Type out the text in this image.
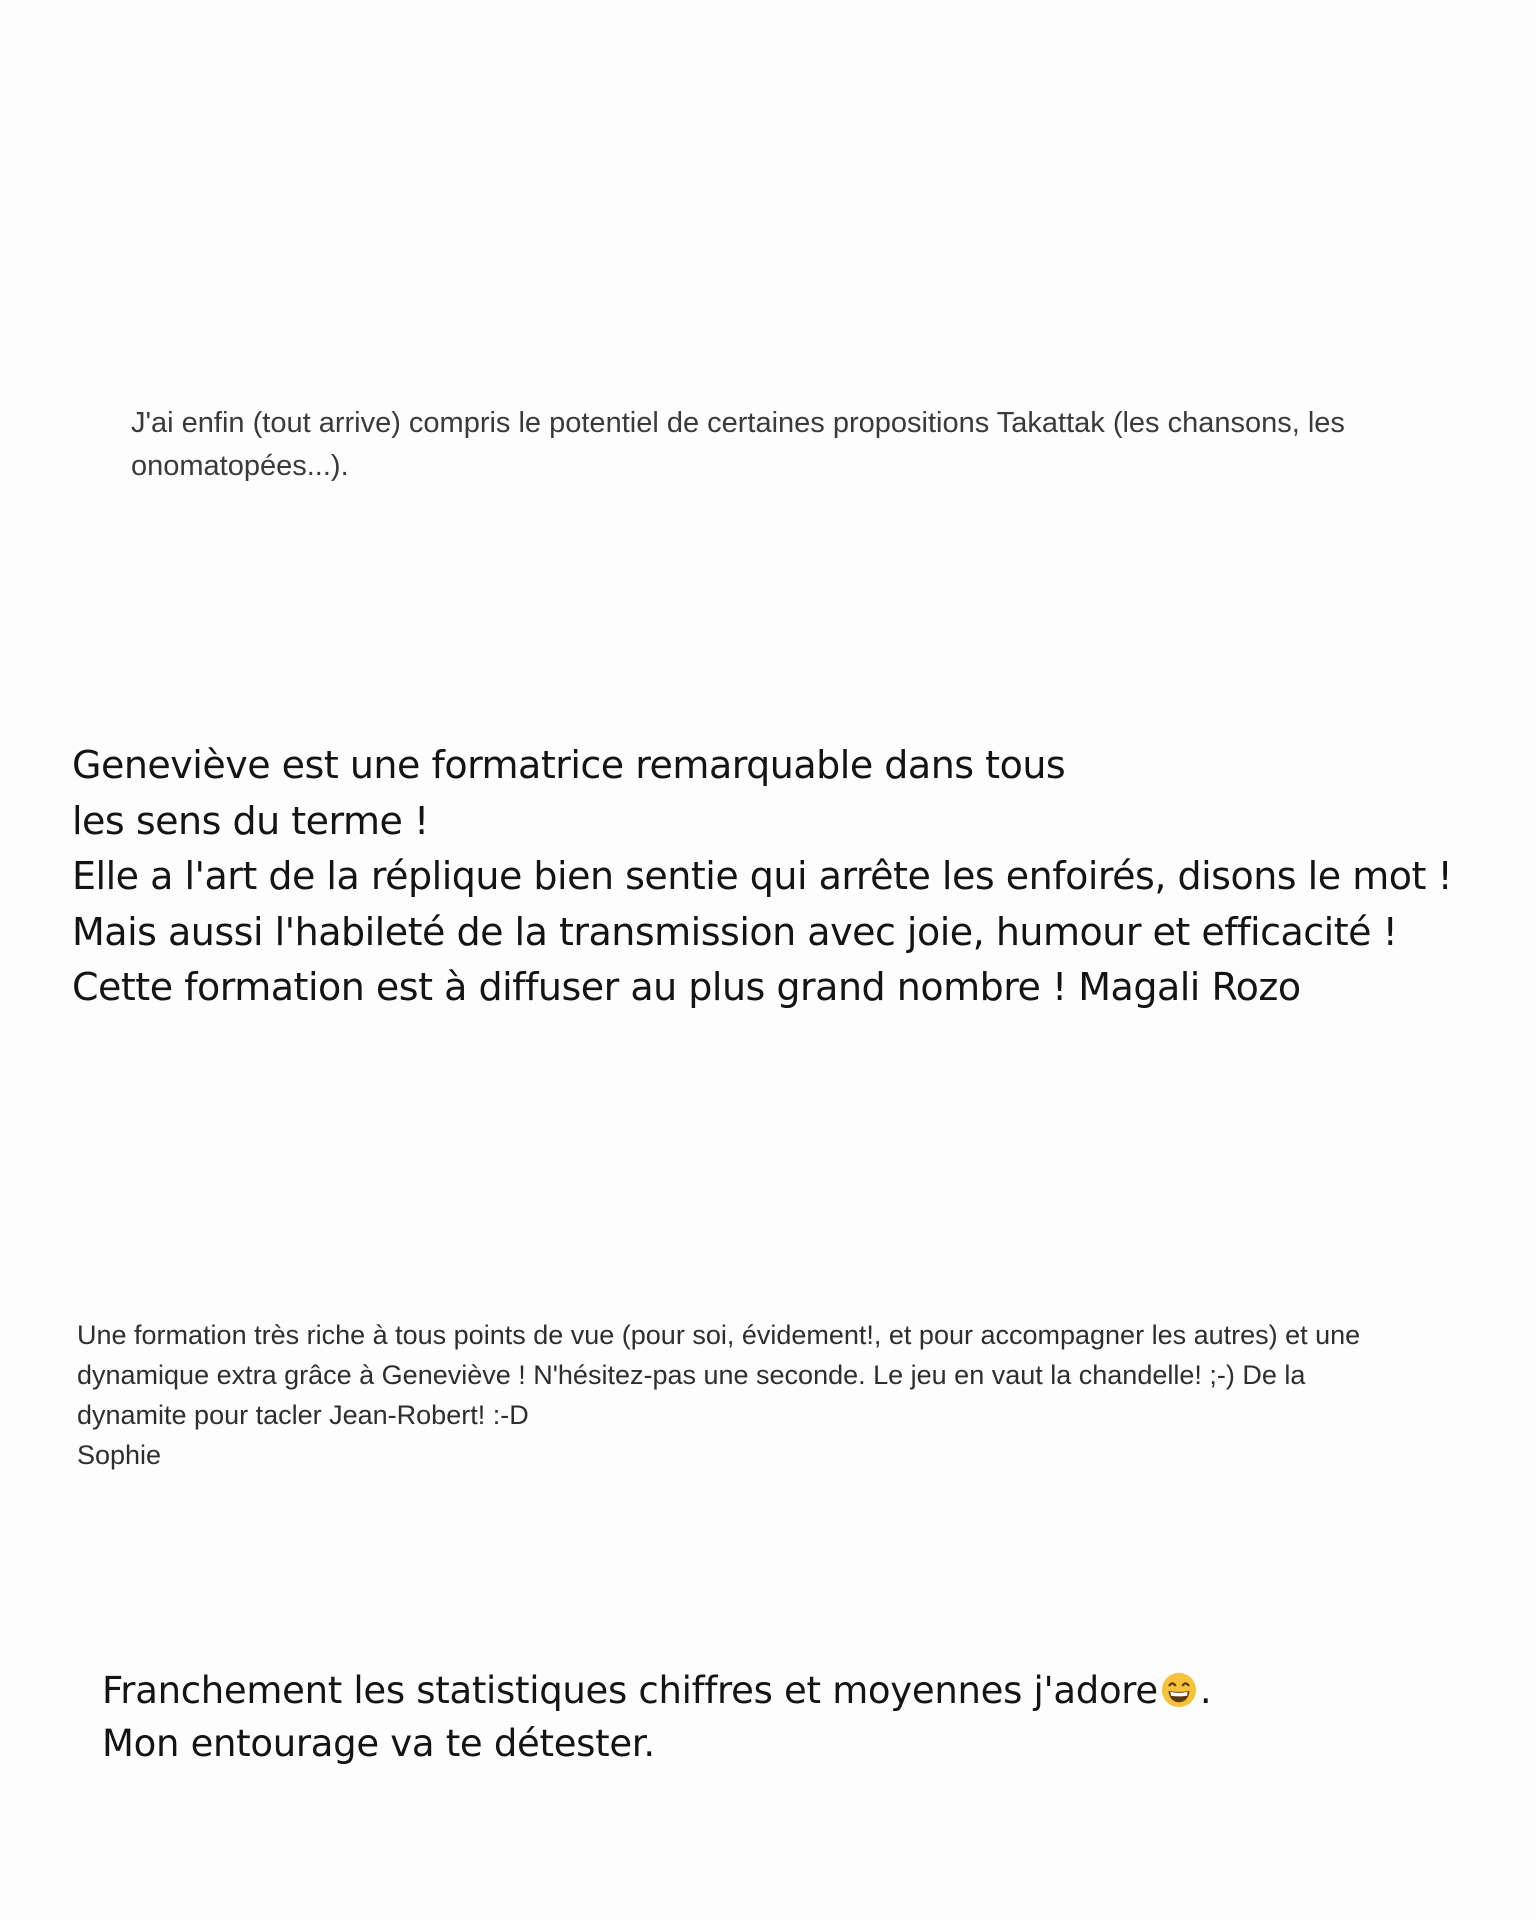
J'ai enfin (tout arrive) compris le potentiel de certaines propositions Takattak (les chansons, les
onomatopées...).
Geneviève est une formatrice remarquable dans tous
les sens du terme !
Elle a l'art de la réplique bien sentie qui arrête les enfoirés, disons le mot !
Mais aussi l'habileté de la transmission avec joie, humour et efficacité !
Cette formation est à diffuser au plus grand nombre ! Magali Rozo
Une formation très riche à tous points de vue (pour soi, évidement!, et pour accompagner les autres) et une
dynamique extra grâce à Geneviève ! N'hésitez-pas une seconde. Le jeu en vaut la chandelle! ;-) De la
dynamite pour tacler Jean-Robert! :-D
Sophie
Franchement les statistiques chiffres et moyennes j'adore .
Mon entourage va te détester.
